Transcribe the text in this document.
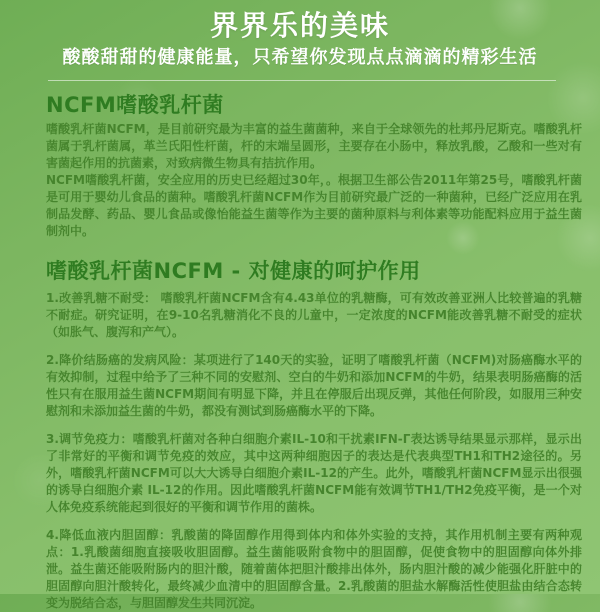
界界乐的美味
酸酸甜甜的健康能量，只希望你发现点点滴滴的精彩生活
NCFM嗜酸乳杆菌

嗜酸乳杆菌NCFM，是目前研究最为丰富的益生菌菌种，来自于全球领先的杜邦丹尼斯克。嗜酸乳杆菌属于乳杆菌属，革兰氏阳性杆菌，杆的末端呈圆形，主要存在小肠中，释放乳酸，乙酸和一些对有害菌起作用的抗菌素，对致病微生物具有拮抗作用。

NCFM嗜酸乳杆菌，安全应用的历史已经超过30年，。根据卫生部公告2011年第25号，嗜酸乳杆菌是可用于婴幼儿食品的菌种。嗜酸乳杆菌NCFM作为目前研究最广泛的一种菌种，已经广泛应用在乳制品发酵、药品、婴儿食品或像怡能益生菌等作为主要的菌种原料与利体素等功能配料应用于益生菌制剂中。

嗜酸乳杆菌NCFM - 对健康的呵护作用

1.改善乳糖不耐受： 嗜酸乳杆菌NCFM含有4.43单位的乳糖酶，可有效改善亚洲人比较普遍的乳糖不耐症。研究证明，在9-10名乳糖消化不良的儿童中，一定浓度的NCFM能改善乳糖不耐受的症状（如胀气、腹泻和产气）。

2.降价结肠癌的发病风险：某项进行了140天的实验，证明了嗜酸乳杆菌（NCFM)对肠癌酶水平的有效抑制，过程中给予了三种不同的安慰剂、空白的牛奶和添加NCFM的牛奶，结果表明肠癌酶的活性只有在服用益生菌NCFM期间有明显下降，并且在停服后出现反弹，其他任何阶段，如服用三种安慰剂和未添加益生菌的牛奶，都没有测试到肠癌酶水平的下降。

3.调节免疫力：嗜酸乳杆菌对各种白细胞介素IL-10和干扰素IFN-Γ表达诱导结果显示那样，显示出了非常好的平衡和调节免疫的效应，其中这两种细胞因子的表达是代表典型TH1和TH2途径的。另外，嗜酸乳杆菌NCFM可以大大诱导白细胞介素IL-12的产生。此外，嗜酸乳杆菌NCFM显示出很强的诱导白细胞介素 IL-12的作用。因此嗜酸乳杆菌NCFM能有效调节TH1/TH2免疫平衡，是一个对人体免疫系统能起到很好的平衡和调节作用的菌株。

4.降低血液内胆固醇：乳酸菌的降固醇作用得到体内和体外实验的支持，其作用机制主要有两种观点：1.乳酸菌细胞直接吸收胆固醇。益生菌能吸附食物中的胆固醇，促使食物中的胆固醇向体外排泄。益生菌还能吸附肠内的胆汁酸，随着菌体把胆汁酸排出体外，肠内胆汁酸的减少能强化肝脏中的胆固醇向胆汁酸转化，最终减少血清中的胆固醇含量。2.乳酸菌的胆盐水解酶活性使胆盐由结合态转变为脱结合态，与胆固醇发生共同沉淀。
